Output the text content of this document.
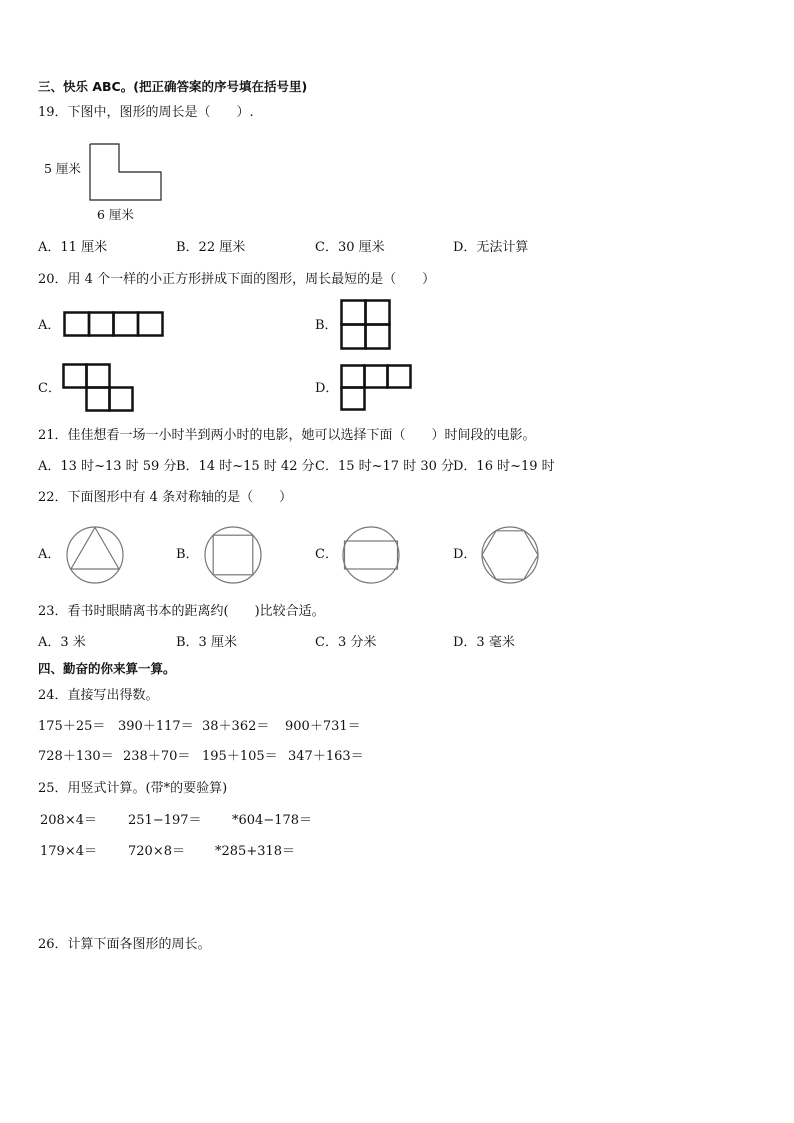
三、快乐 ABC。(把正确答案的序号填在括号里)
19．下图中，图形的周长是（　　）.
5 厘米
6 厘米
A．11 厘米	B．22 厘米	C．30 厘米	D．无法计算
20．用 4 个一样的小正方形拼成下面的图形，周长最短的是（　　）
A．	B．
C．	D．
21．佳佳想看一场一小时半到两小时的电影，她可以选择下面（　　）时间段的电影。
A．13 时~13 时 59 分 B．14 时~15 时 42 分 C．15 时~17 时 30 分 D．16 时~19 时
22．下面图形中有 4 条对称轴的是（　　）
A．	B．	C．	D．
23．看书时眼睛离书本的距离约(　　)比较合适。
A．3 米	B．3 厘米	C．3 分米	D．3 毫米
四、勤奋的你来算一算。
24．直接写出得数。
175＋25＝ 390＋117＝ 38＋362＝ 900＋731＝
728＋130＝ 238＋70＝ 195＋105＝ 347＋163＝
25．用竖式计算。(带*的要验算)
208×4＝ 251−197＝ *604−178＝
179×4＝ 720×8＝ *285+318＝
26．计算下面各图形的周长。
